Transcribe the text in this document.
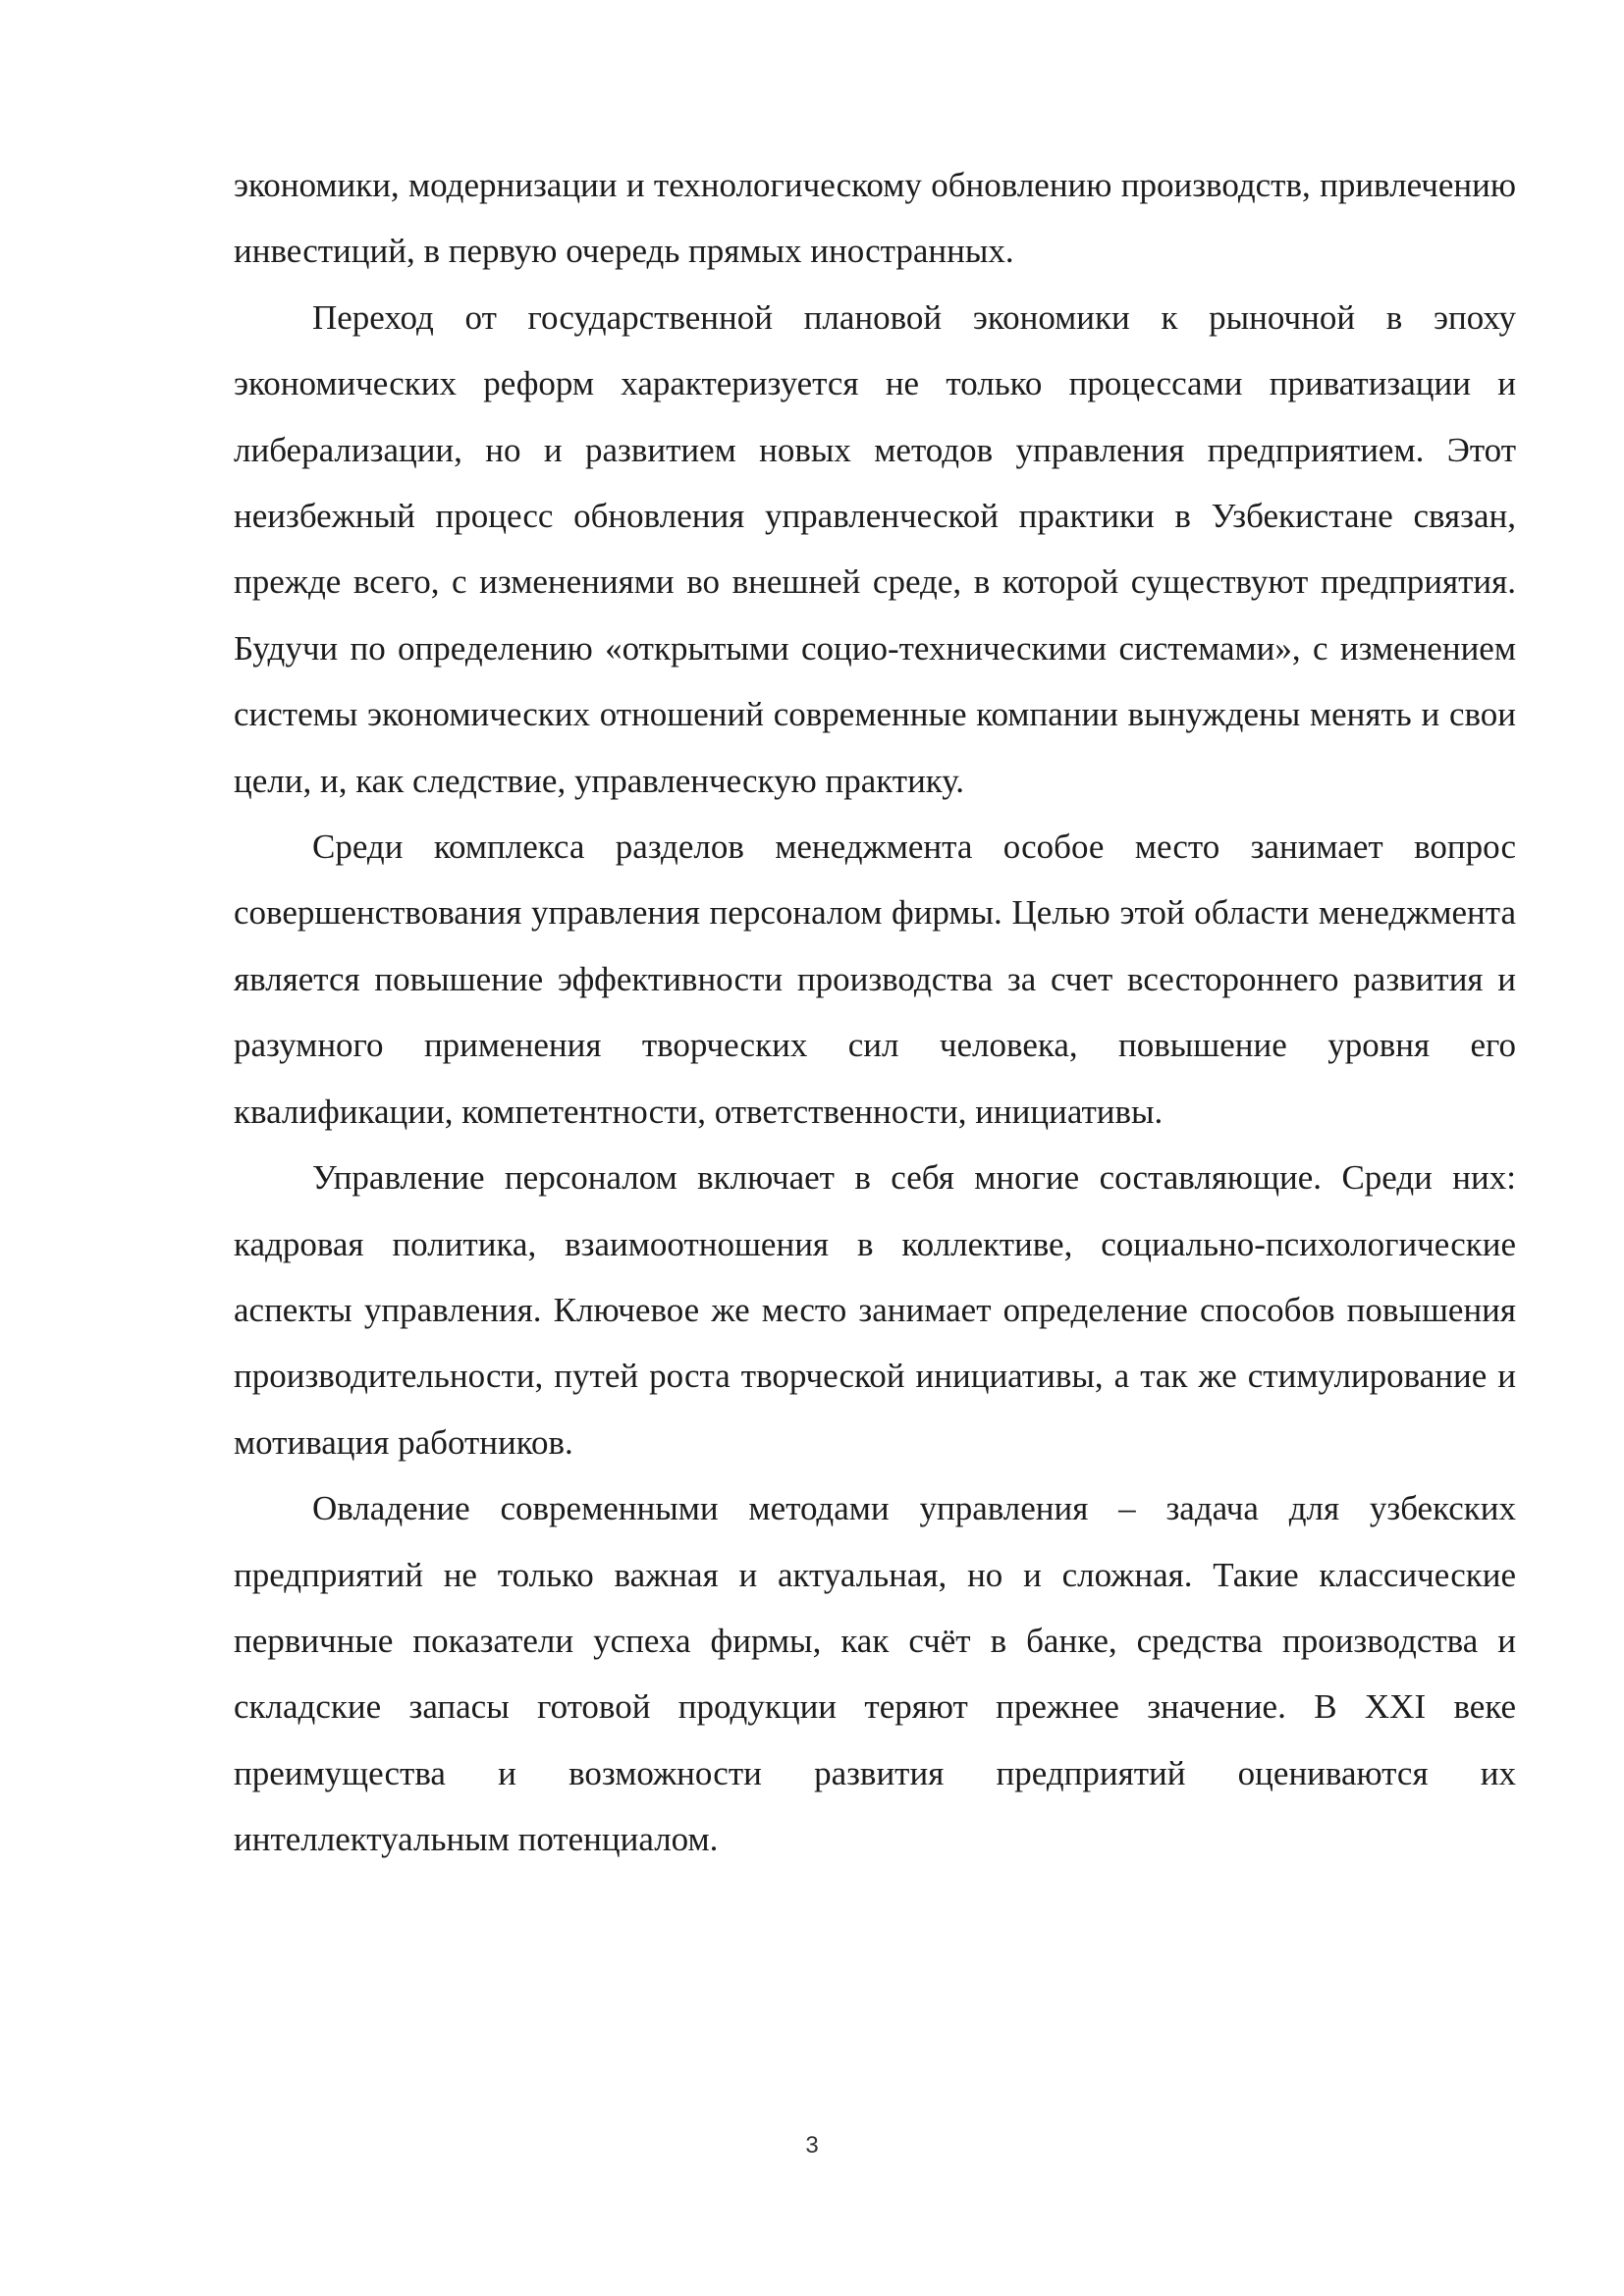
экономики, модернизации и технологическому обновлению производств, привлечению инвестиций, в первую очередь прямых иностранных.

Переход от государственной плановой экономики к рыночной в эпоху экономических реформ характеризуется не только процессами приватизации и либерализации, но и развитием новых методов управления предприятием. Этот неизбежный процесс обновления управленческой практики в Узбекистане связан, прежде всего, с изменениями во внешней среде, в которой существуют предприятия. Будучи по определению «открытыми социо-техническими системами», с изменением системы экономических отношений современные компании вынуждены менять и свои цели, и, как следствие, управленческую практику.

Среди комплекса разделов менеджмента особое место занимает вопрос совершенствования управления персоналом фирмы. Целью этой области менеджмента является повышение эффективности производства за счет всестороннего развития и разумного применения творческих сил человека, повышение уровня его квалификации, компетентности, ответственности, инициативы.

Управление персоналом включает в себя многие составляющие. Среди них: кадровая политика, взаимоотношения в коллективе, социально-психологические аспекты управления. Ключевое же место занимает определение способов повышения производительности, путей роста творческой инициативы, а так же стимулирование и мотивация работников.

Овладение современными методами управления – задача для узбекских предприятий не только важная и актуальная, но и сложная. Такие классические первичные показатели успеха фирмы, как счёт в банке, средства производства и складские запасы готовой продукции теряют прежнее значение. В XXI веке преимущества и возможности развития предприятий оцениваются их интеллектуальным потенциалом.

3
